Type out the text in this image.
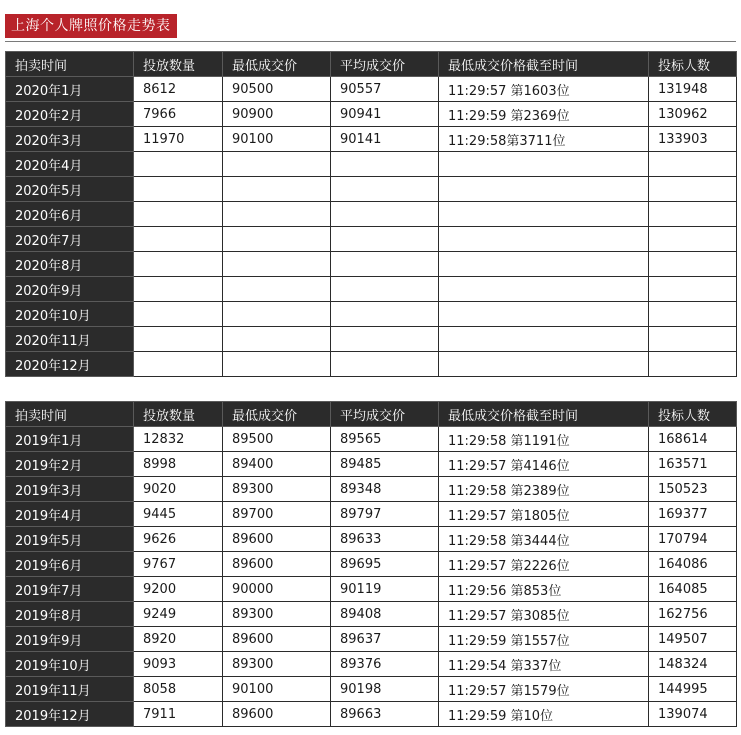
上海个人牌照价格走势表
拍卖时间	投放数量	最低成交价	平均成交价	最低成交价格截至时间	投标人数
2020年1月	8612	90500	90557	11:29:57 第1603位	131948
2020年2月	7966	90900	90941	11:29:59 第2369位	130962
2020年3月	11970	90100	90141	11:29:58第3711位	133903
2020年4月					
2020年5月					
2020年6月					
2020年7月					
2020年8月					
2020年9月					
2020年10月					
2020年11月					
2020年12月					
拍卖时间	投放数量	最低成交价	平均成交价	最低成交价格截至时间	投标人数
2019年1月	12832	89500	89565	11:29:58 第1191位	168614
2019年2月	8998	89400	89485	11:29:57 第4146位	163571
2019年3月	9020	89300	89348	11:29:58 第2389位	150523
2019年4月	9445	89700	89797	11:29:57 第1805位	169377
2019年5月	9626	89600	89633	11:29:58 第3444位	170794
2019年6月	9767	89600	89695	11:29:57 第2226位	164086
2019年7月	9200	90000	90119	11:29:56 第853位	164085
2019年8月	9249	89300	89408	11:29:57 第3085位	162756
2019年9月	8920	89600	89637	11:29:59 第1557位	149507
2019年10月	9093	89300	89376	11:29:54 第337位	148324
2019年11月	8058	90100	90198	11:29:57 第1579位	144995
2019年12月	7911	89600	89663	11:29:59 第10位	139074
